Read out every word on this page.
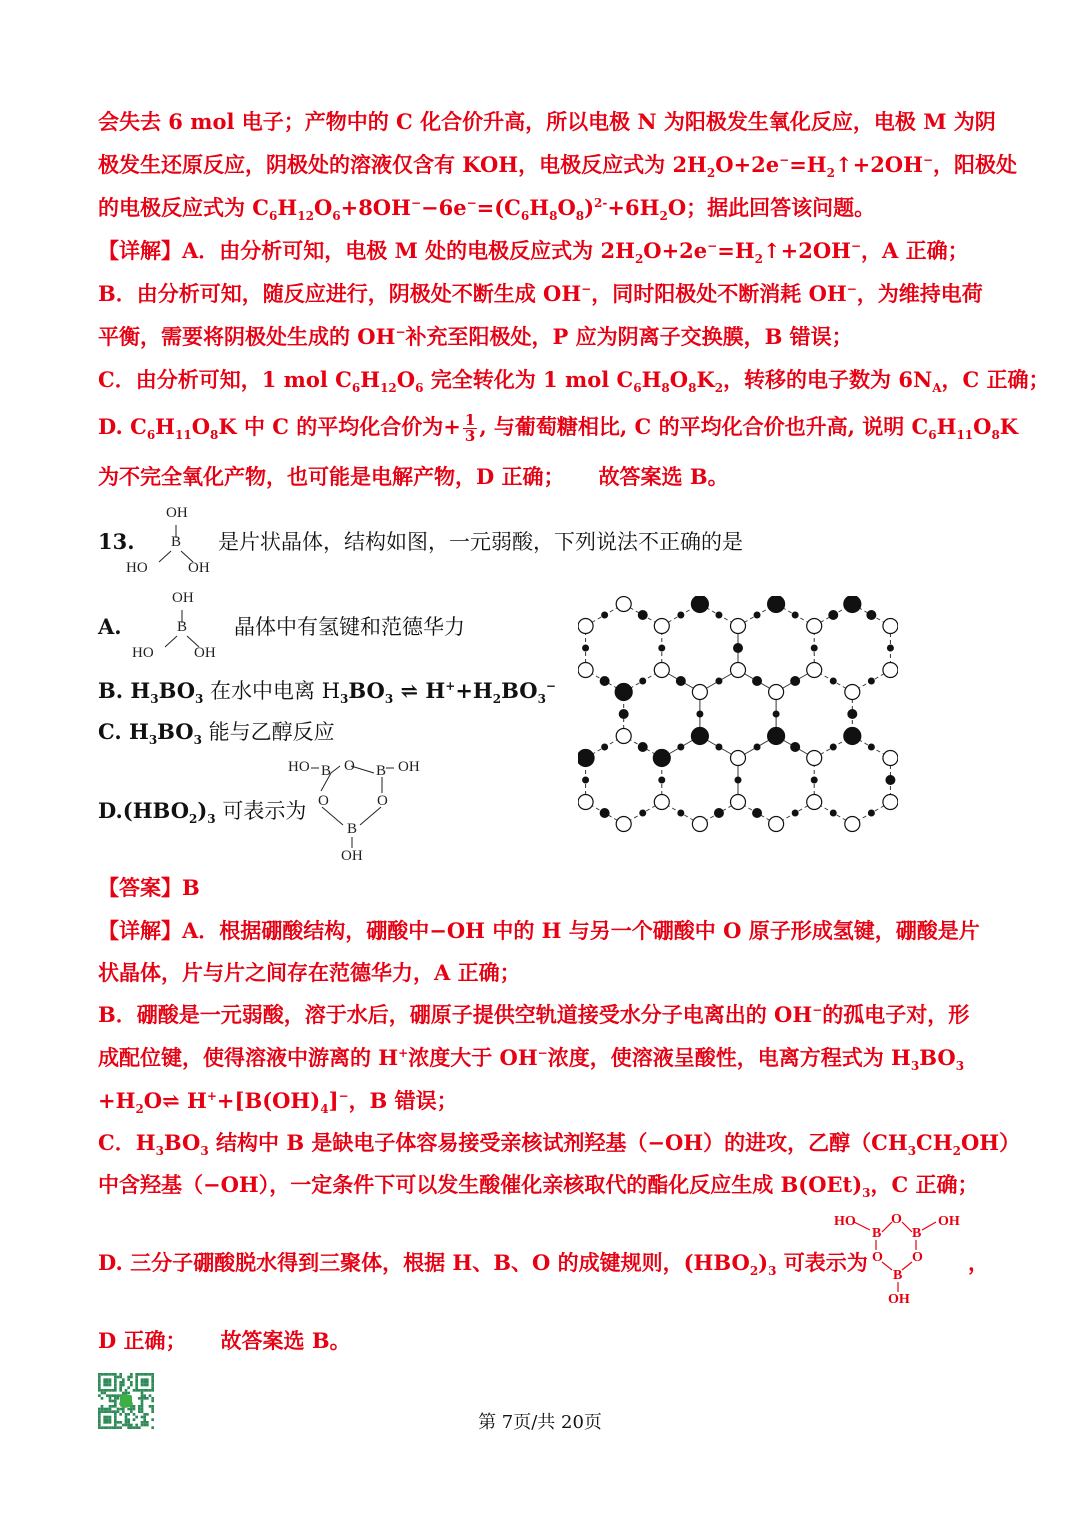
会失去 6 mol 电子；产物中的 C 化合价升高，所以电极 N 为阳极发生氧化反应，电极 M 为阴
极发生还原反应，阴极处的溶液仅含有 KOH，电极反应式为 $2H_2O+2e^-=H_2↑+2OH^-$，阳极处
的电极反应式为 $C_6H_{12}O_6+8OH^--6e^-=(C_6H_8O_8)^{2-}+6H_2O$；据此回答该问题。
【详解】A．由分析可知，电极 M 处的电极反应式为 $2H_2O+2e^-=H_2↑+2OH^-$，A 正确；
B．由分析可知，随反应进行，阴极处不断生成 OH−，同时阳极处不断消耗 OH−，为维持电荷
平衡，需要将阴极处生成的 OH−补充至阳极处，P 应为阴离子交换膜，B 错误；
C．由分析可知，1 mol $C_6H_{12}O_6$ 完全转化为 1 mol $C_6H_8O_8K_2$，转移的电子数为 $6N_A$，C 正确；
D. $C_6H_{11}O_8K$ 中 C 的平均化合价为+ $\frac{1}{3}$ , 与葡萄糖相比, C 的平均化合价也升高, 说明 $C_6H_{11}O_8K$
为不完全氧化产物，也可能是电解产物，D 正确； 故答案选 B。
13.
OH
B
HO	OH
是片状晶体，结构如图，一元弱酸，下列说法不正确的是
A.
OH
B
HO	OH
晶体中有氢键和范德华力
B. $H_3BO_3$ 在水中电离 $H_3BO_3$ ⇌ $H^++H_2BO_3^-$
C. $H_3BO_3$ 能与乙醇反应
$D.(HBO_2)_3$ 可表示为
HO B O B OH
O	O
B
OH
【答案】B
【详解】A．根据硼酸结构，硼酸中−OH 中的 H 与另一个硼酸中 O 原子形成氢键，硼酸是片
状晶体，片与片之间存在范德华力，A 正确；
B．硼酸是一元弱酸，溶于水后，硼原子提供空轨道接受水分子电离出的 OH−的孤电子对，形
成配位键，使得溶液中游离的 H+浓度大于 OH−浓度，使溶液呈酸性，电离方程式为 $H_3BO_3$
$+H_2O\rightleftharpoons$ $H^++[B(OH)_4]^-$，B 错误；
C．$H_3BO_3$ 结构中 B 是缺电子体容易接受亲核试剂羟基（−OH）的进攻，乙醇$(CH_3CH_2OH)$
中含羟基（−OH），一定条件下可以发生酸催化亲核取代的酯化反应生成 $B(OEt)_3$，C 正确；
D. 三分子硼酸脱水得到三聚体，根据 H、B、O 的成键规则，$(HBO_2)_3$ 可表示为
HO
B
O
B
OH
O O
B
OH
，
D 正确； 故答案选 B。
第 7页/共 20页
